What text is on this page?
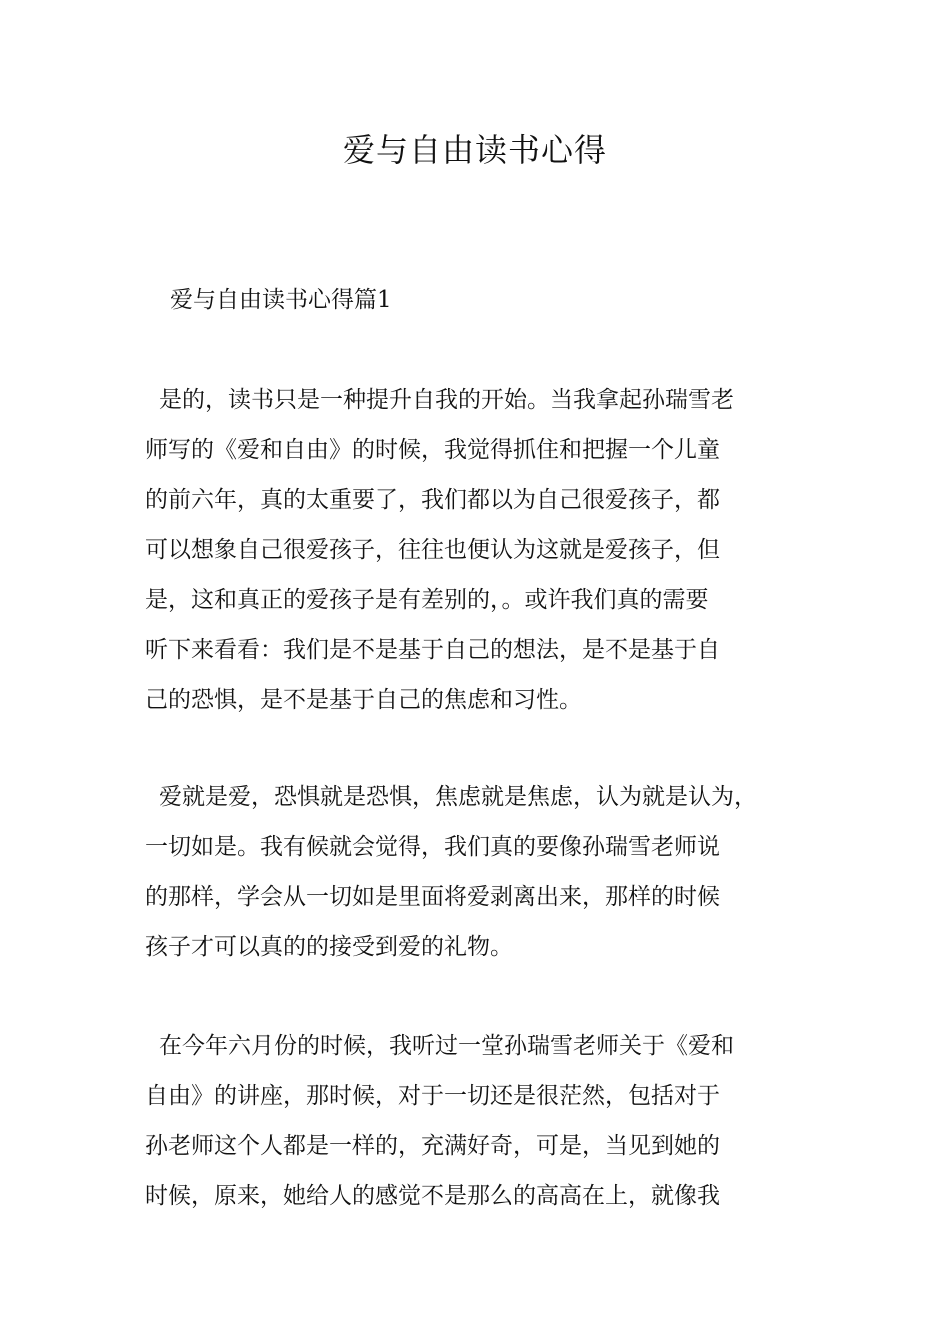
爱与自由读书心得
爱与自由读书心得篇1
是的，读书只是一种提升自我的开始。当我拿起孙瑞雪老
师写的《爱和自由》的时候，我觉得抓住和把握一个儿童
的前六年，真的太重要了，我们都以为自己很爱孩子，都
可以想象自己很爱孩子，往往也便认为这就是爱孩子，但
是，这和真正的爱孩子是有差别的，。或许我们真的需要
听下来看看：我们是不是基于自己的想法，是不是基于自
己的恐惧，是不是基于自己的焦虑和习性。
爱就是爱，恐惧就是恐惧，焦虑就是焦虑，认为就是认为，
一切如是。我有候就会觉得，我们真的要像孙瑞雪老师说
的那样，学会从一切如是里面将爱剥离出来，那样的时候
孩子才可以真的的接受到爱的礼物。
在今年六月份的时候，我听过一堂孙瑞雪老师关于《爱和
自由》的讲座，那时候，对于一切还是很茫然，包括对于
孙老师这个人都是一样的，充满好奇，可是，当见到她的
时候，原来，她给人的感觉不是那么的高高在上，就像我
